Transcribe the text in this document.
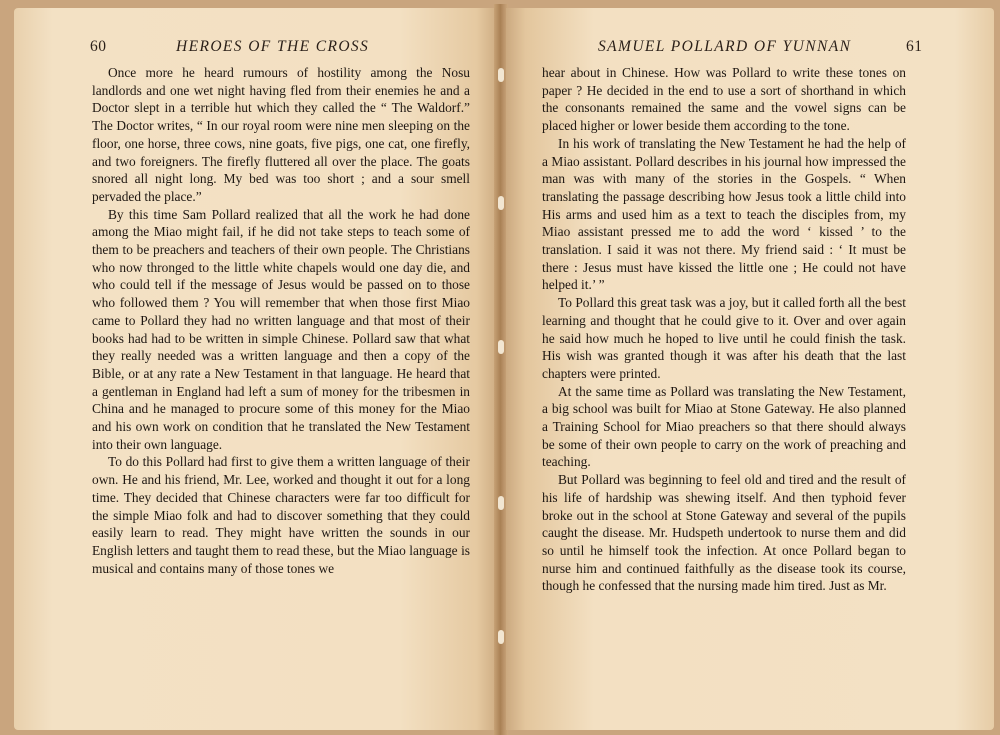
60	HEROES OF THE CROSS

Once more he heard rumours of hostility among the Nosu landlords and one wet night having fled from their enemies he and a Doctor slept in a terrible hut which they called the “ The Waldorf.” The Doctor writes, “ In our royal room were nine men sleeping on the floor, one horse, three cows, nine goats, five pigs, one cat, one firefly, and two foreigners. The firefly fluttered all over the place. The goats snored all night long. My bed was too short ; and a sour smell pervaded the place.”

By this time Sam Pollard realized that all the work he had done among the Miao might fail, if he did not take steps to teach some of them to be preachers and teachers of their own people. The Christians who now thronged to the little white chapels would one day die, and who could tell if the message of Jesus would be passed on to those who followed them ? You will remember that when those first Miao came to Pollard they had no written language and that most of their books had had to be written in simple Chinese. Pollard saw that what they really needed was a written language and then a copy of the Bible, or at any rate a New Testament in that language. He heard that a gentleman in England had left a sum of money for the tribesmen in China and he managed to procure some of this money for the Miao and his own work on condition that he translated the New Testament into their own language.

To do this Pollard had first to give them a written language of their own. He and his friend, Mr. Lee, worked and thought it out for a long time. They decided that Chinese characters were far too difficult for the simple Miao folk and had to discover something that they could easily learn to read. They might have written the sounds in our English letters and taught them to read these, but the Miao language is musical and contains many of those tones we

SAMUEL POLLARD OF YUNNAN	61

hear about in Chinese. How was Pollard to write these tones on paper ? He decided in the end to use a sort of shorthand in which the consonants remained the same and the vowel signs can be placed higher or lower beside them according to the tone.

In his work of translating the New Testament he had the help of a Miao assistant. Pollard describes in his journal how impressed the man was with many of the stories in the Gospels. “ When translating the passage describing how Jesus took a little child into His arms and used him as a text to teach the disciples from, my Miao assistant pressed me to add the word ‘ kissed ’ to the translation. I said it was not there. My friend said : ‘ It must be there : Jesus must have kissed the little one ; He could not have helped it.’ ”

To Pollard this great task was a joy, but it called forth all the best learning and thought that he could give to it. Over and over again he said how much he hoped to live until he could finish the task. His wish was granted though it was after his death that the last chapters were printed.

At the same time as Pollard was translating the New Testament, a big school was built for Miao at Stone Gateway. He also planned a Training School for Miao preachers so that there should always be some of their own people to carry on the work of preaching and teaching.

But Pollard was beginning to feel old and tired and the result of his life of hardship was shewing itself. And then typhoid fever broke out in the school at Stone Gateway and several of the pupils caught the disease. Mr. Hudspeth undertook to nurse them and did so until he himself took the infection. At once Pollard began to nurse him and continued faithfully as the disease took its course, though he confessed that the nursing made him tired. Just as Mr.
